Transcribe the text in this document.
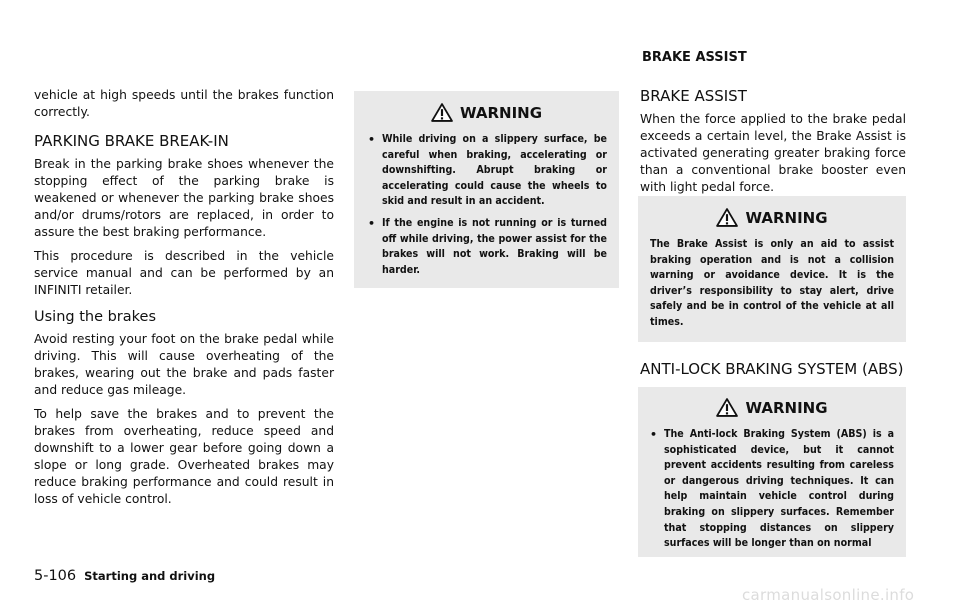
BRAKE ASSIST

vehicle at high speeds until the brakes function correctly.

PARKING BRAKE BREAK-IN

Break in the parking brake shoes whenever the stopping effect of the parking brake is weakened or whenever the parking brake shoes and/or drums/rotors are replaced, in order to assure the best braking performance.

This procedure is described in the vehicle service manual and can be performed by an INFINITI retailer.

Using the brakes

Avoid resting your foot on the brake pedal while driving. This will cause overheating of the brakes, wearing out the brake and pads faster and reduce gas mileage.

To help save the brakes and to prevent the brakes from overheating, reduce speed and downshift to a lower gear before going down a slope or long grade. Overheated brakes may reduce braking performance and could result in loss of vehicle control.

WARNING
• While driving on a slippery surface, be careful when braking, accelerating or downshifting. Abrupt braking or accelerating could cause the wheels to skid and result in an accident.

• If the engine is not running or is turned off while driving, the power assist for the brakes will not work. Braking will be harder.

BRAKE ASSIST

When the force applied to the brake pedal exceeds a certain level, the Brake Assist is activated generating greater braking force than a conventional brake booster even with light pedal force.

WARNING

The Brake Assist is only an aid to assist braking operation and is not a collision warning or avoidance device. It is the driver’s responsibility to stay alert, drive safely and be in control of the vehicle at all times.

ANTI-LOCK BRAKING SYSTEM (ABS)
WARNING
• The Anti-lock Braking System (ABS) is a sophisticated device, but it cannot prevent accidents resulting from careless or dangerous driving techniques. It can help maintain vehicle control during braking on slippery surfaces. Remember that stopping distances on slippery surfaces will be longer than on normal

5-106 Starting and driving
carmanualsonline.info
